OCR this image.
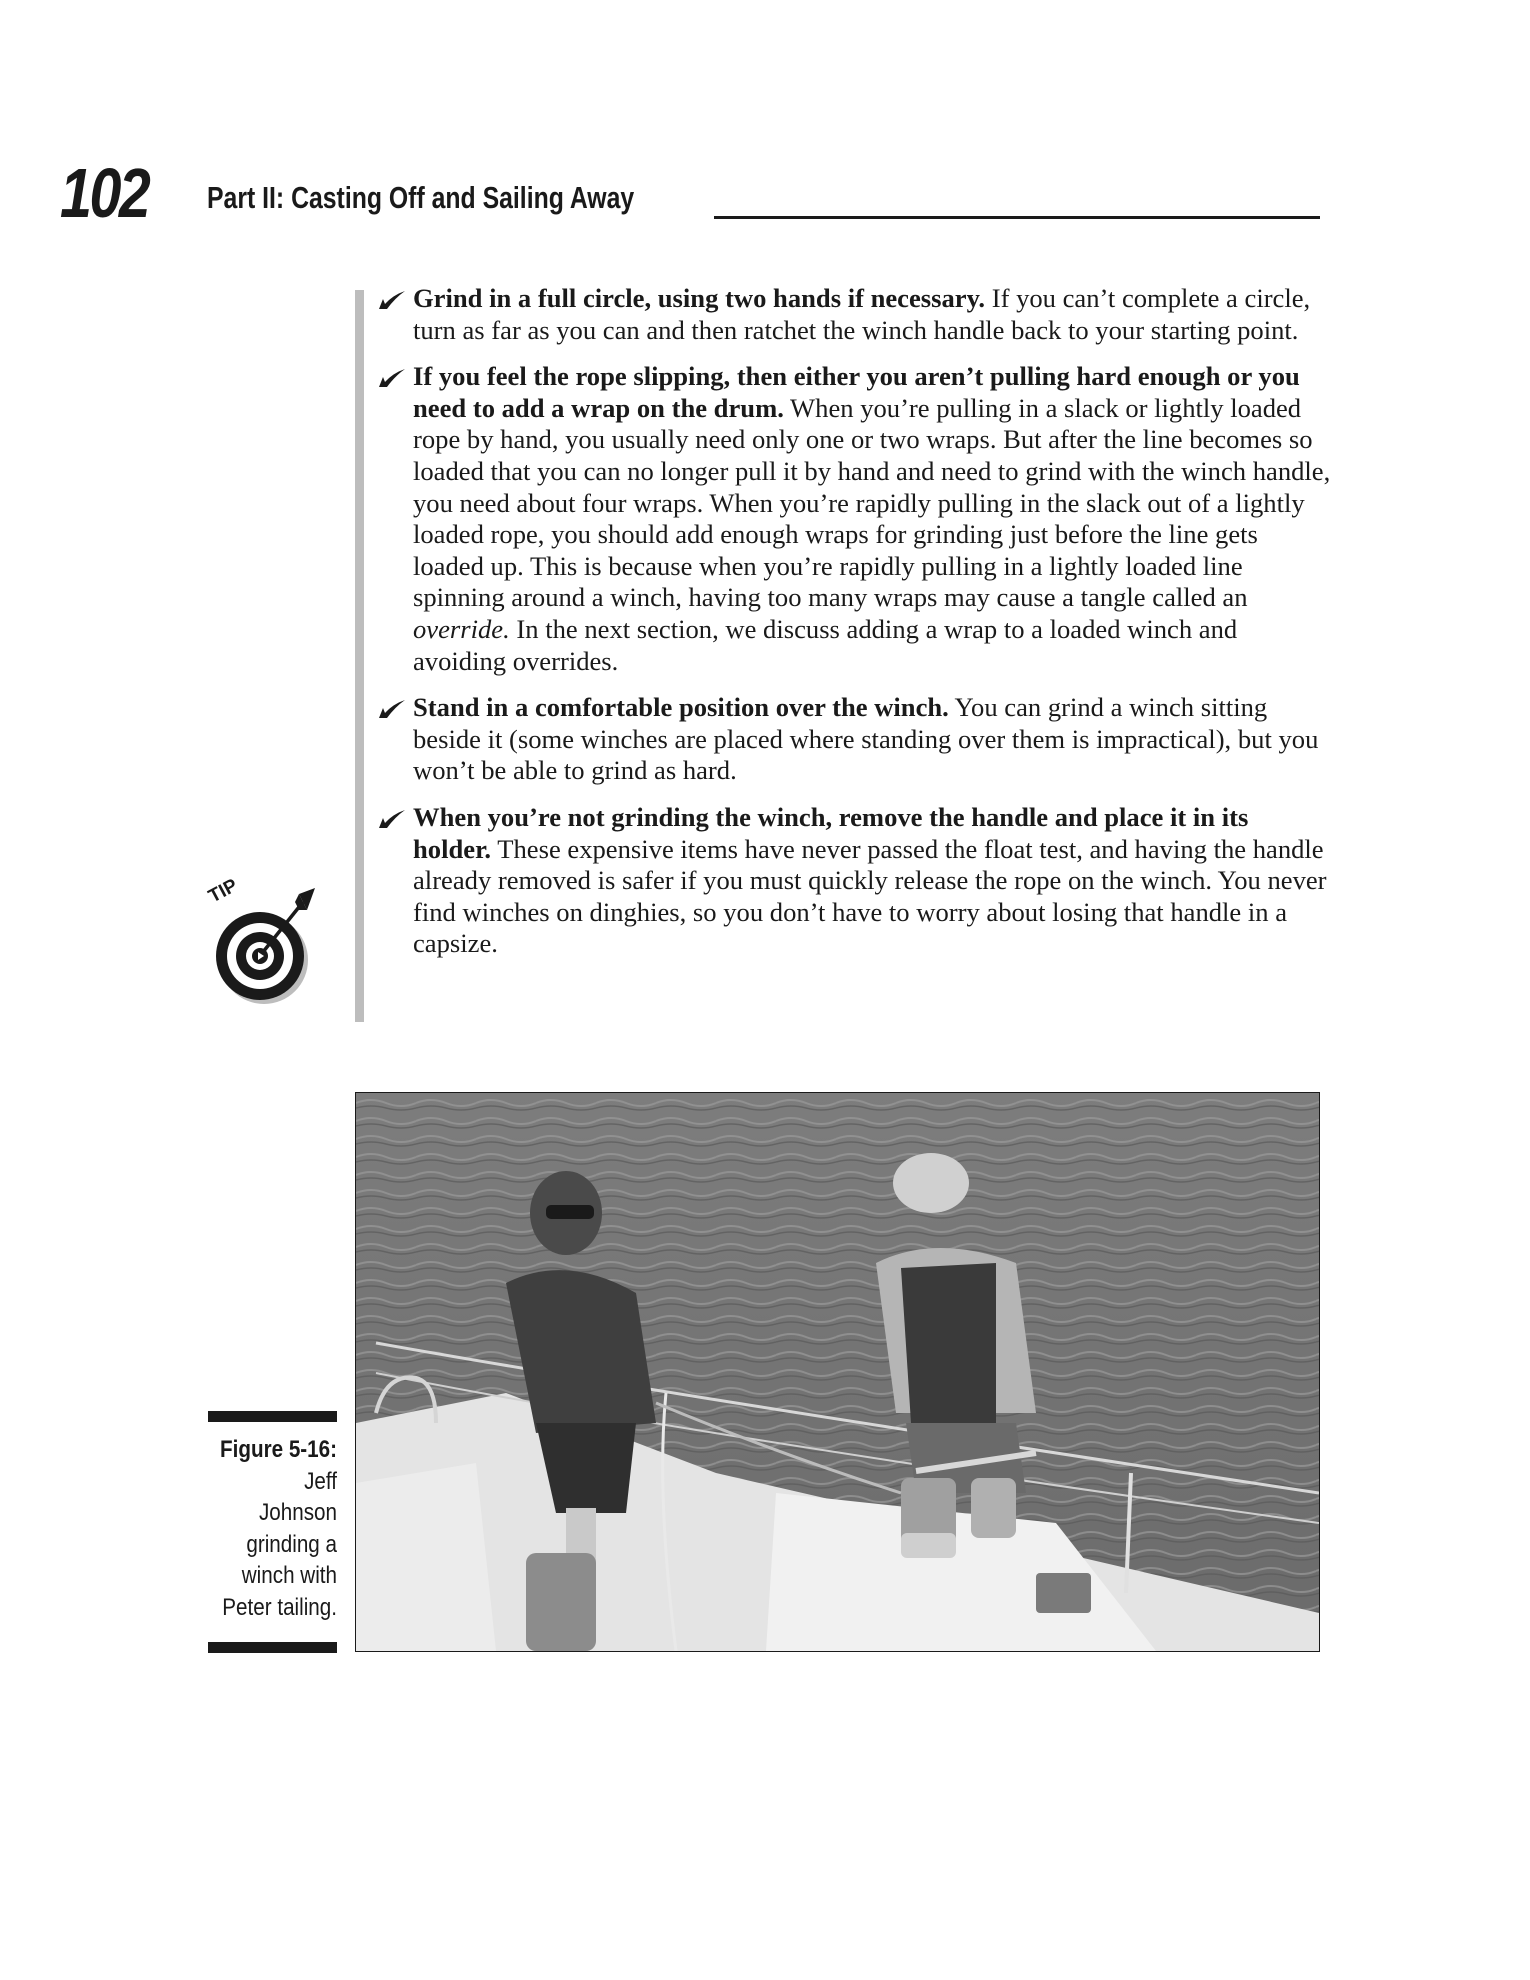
102 Part II: Casting Off and Sailing Away
TIP
Grind in a full circle, using two hands if necessary. If you can’t complete a circle, turn as far as you can and then ratchet the winch handle back to your starting point.
If you feel the rope slipping, then either you aren’t pulling hard enough or you need to add a wrap on the drum. When you’re pulling in a slack or lightly loaded rope by hand, you usually need only one or two wraps. But after the line becomes so loaded that you can no longer pull it by hand and need to grind with the winch handle, you need about four wraps. When you’re rapidly pulling in the slack out of a lightly loaded rope, you should add enough wraps for grinding just before the line gets loaded up. This is because when you’re rapidly pulling in a lightly loaded line spinning around a winch, having too many wraps may cause a tangle called an override. In the next section, we discuss adding a wrap to a loaded winch and avoiding overrides.
Stand in a comfortable position over the winch. You can grind a winch sitting beside it (some winches are placed where standing over them is impractical), but you won’t be able to grind as hard.
When you’re not grinding the winch, remove the handle and place it in its holder. These expensive items have never passed the float test, and having the handle already removed is safer if you must quickly release the rope on the winch. You never find winches on dinghies, so you don’t have to worry about losing that handle in a capsize.
Figure 5-16:
Jeff
Johnson
grinding a
winch with
Peter tailing.
